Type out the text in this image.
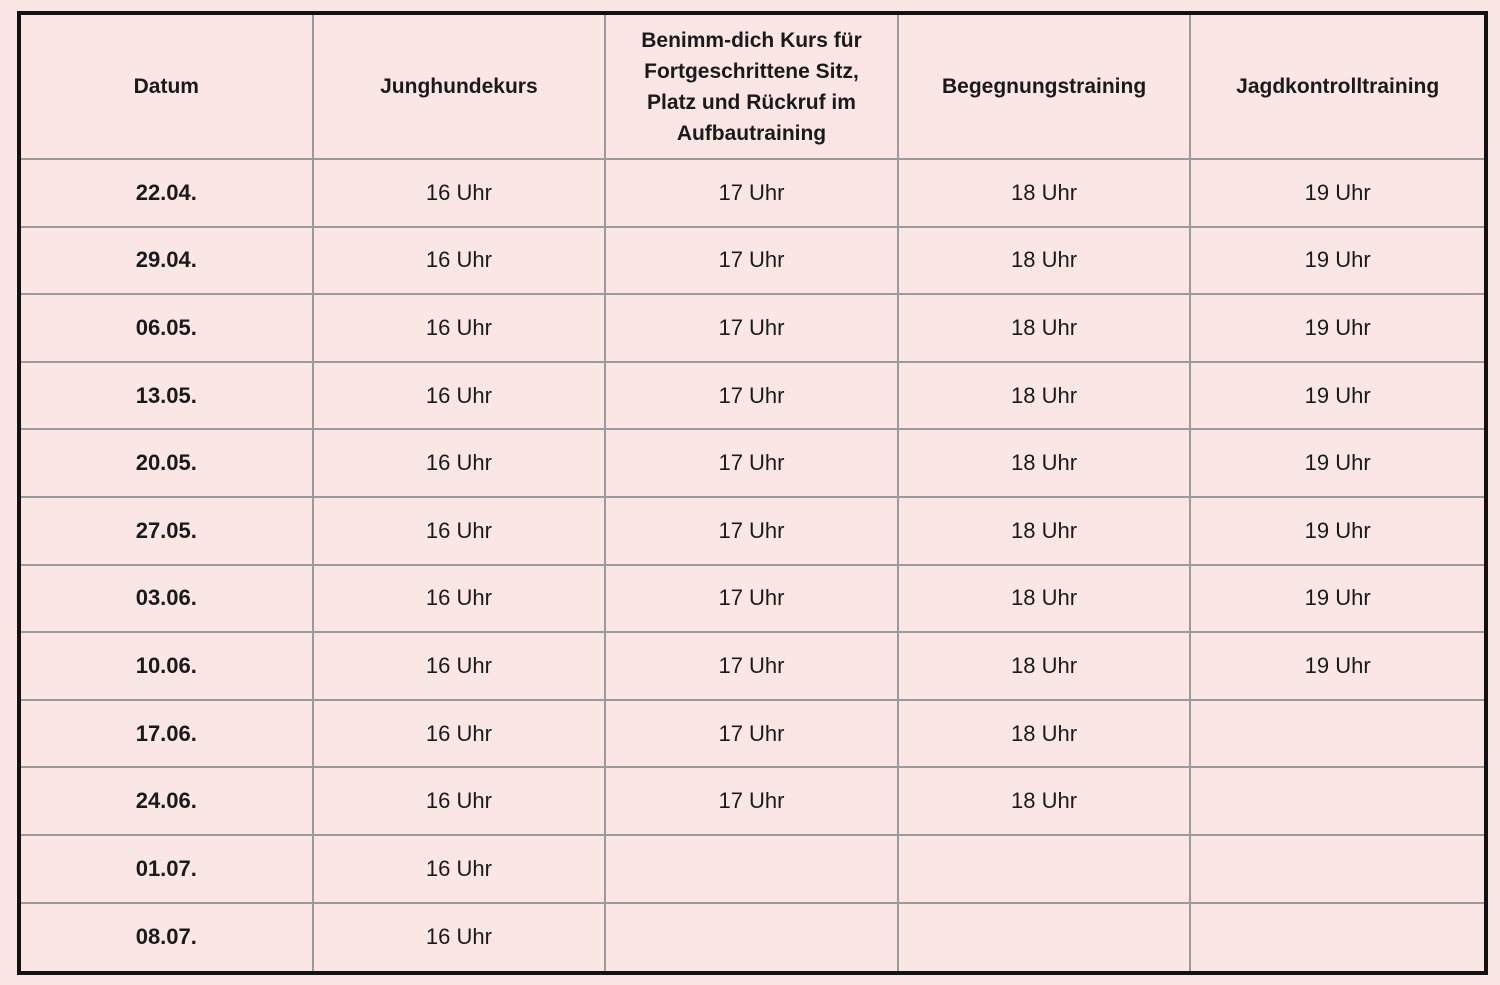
Datum	Junghundekurs	Benimm-dich Kurs für Fortgeschrittene Sitz, Platz und Rückruf im Aufbautraining	Begegnungstraining	Jagdkontrolltraining
22.04.	16 Uhr	17 Uhr	18 Uhr	19 Uhr
29.04.	16 Uhr	17 Uhr	18 Uhr	19 Uhr
06.05.	16 Uhr	17 Uhr	18 Uhr	19 Uhr
13.05.	16 Uhr	17 Uhr	18 Uhr	19 Uhr
20.05.	16 Uhr	17 Uhr	18 Uhr	19 Uhr
27.05.	16 Uhr	17 Uhr	18 Uhr	19 Uhr
03.06.	16 Uhr	17 Uhr	18 Uhr	19 Uhr
10.06.	16 Uhr	17 Uhr	18 Uhr	19 Uhr
17.06.	16 Uhr	17 Uhr	18 Uhr	
24.06.	16 Uhr	17 Uhr	18 Uhr	
01.07.	16 Uhr			
08.07.	16 Uhr			
